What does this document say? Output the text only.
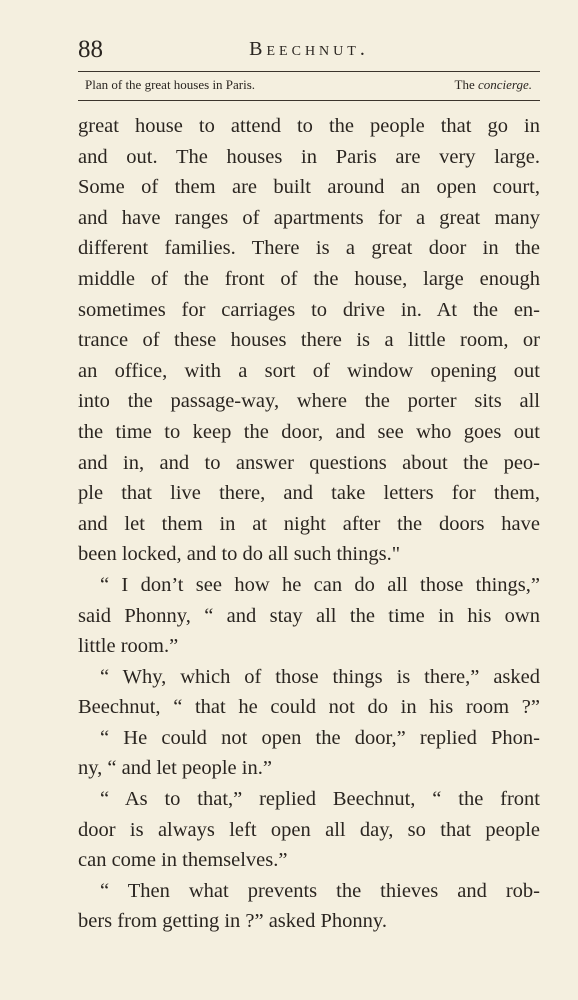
88	Beechnut.
Plan of the great houses in Paris.	The concierge.
great house to attend to the people that go in
and out. The houses in Paris are very large.
Some of them are built around an open court,
and have ranges of apartments for a great many
different families. There is a great door in the
middle of the front of the house, large enough
sometimes for carriages to drive in. At the en-
trance of these houses there is a little room, or
an office, with a sort of window opening out
into the passage-way, where the porter sits all
the time to keep the door, and see who goes out
and in, and to answer questions about the peo-
ple that live there, and take letters for them,
and let them in at night after the doors have
been locked, and to do all such things."
“ I don’t see how he can do all those things,”
said Phonny, “ and stay all the time in his own
little room.”
“ Why, which of those things is there,” asked
Beechnut, “ that he could not do in his room ?”
“ He could not open the door,” replied Phon-
ny, “ and let people in.”
“ As to that,” replied Beechnut, “ the front
door is always left open all day, so that people
can come in themselves.”
“ Then what prevents the thieves and rob-
bers from getting in ?” asked Phonny.
